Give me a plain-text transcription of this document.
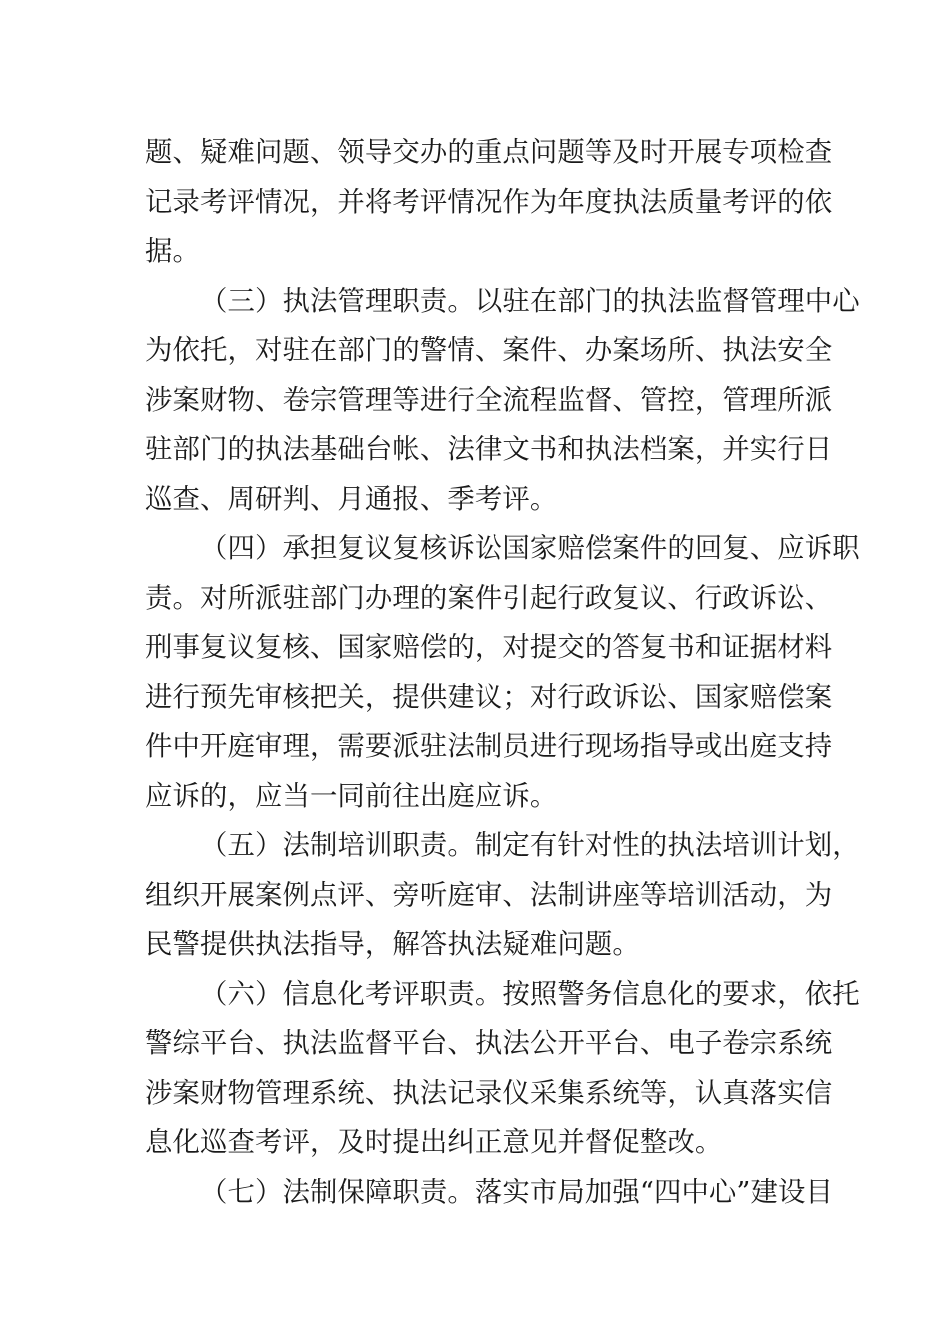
题、疑难问题、领导交办的重点问题等及时开展专项检查
记录考评情况，并将考评情况作为年度执法质量考评的依
据。
（三）执法管理职责。以驻在部门的执法监督管理中心
为依托，对驻在部门的警情、案件、办案场所、执法安全
涉案财物、卷宗管理等进行全流程监督、管控，管理所派
驻部门的执法基础台帐、法律文书和执法档案，并实行日
巡查、周研判、月通报、季考评。
（四）承担复议复核诉讼国家赔偿案件的回复、应诉职
责。对所派驻部门办理的案件引起行政复议、行政诉讼、
刑事复议复核、国家赔偿的，对提交的答复书和证据材料
进行预先审核把关，提供建议；对行政诉讼、国家赔偿案
件中开庭审理，需要派驻法制员进行现场指导或出庭支持
应诉的，应当一同前往出庭应诉。
（五）法制培训职责。制定有针对性的执法培训计划，
组织开展案例点评、旁听庭审、法制讲座等培训活动，为
民警提供执法指导，解答执法疑难问题。
（六）信息化考评职责。按照警务信息化的要求，依托
警综平台、执法监督平台、执法公开平台、电子卷宗系统
涉案财物管理系统、执法记录仪采集系统等，认真落实信
息化巡查考评，及时提出纠正意见并督促整改。
（七）法制保障职责。落实市局加强“四中心”建设目
